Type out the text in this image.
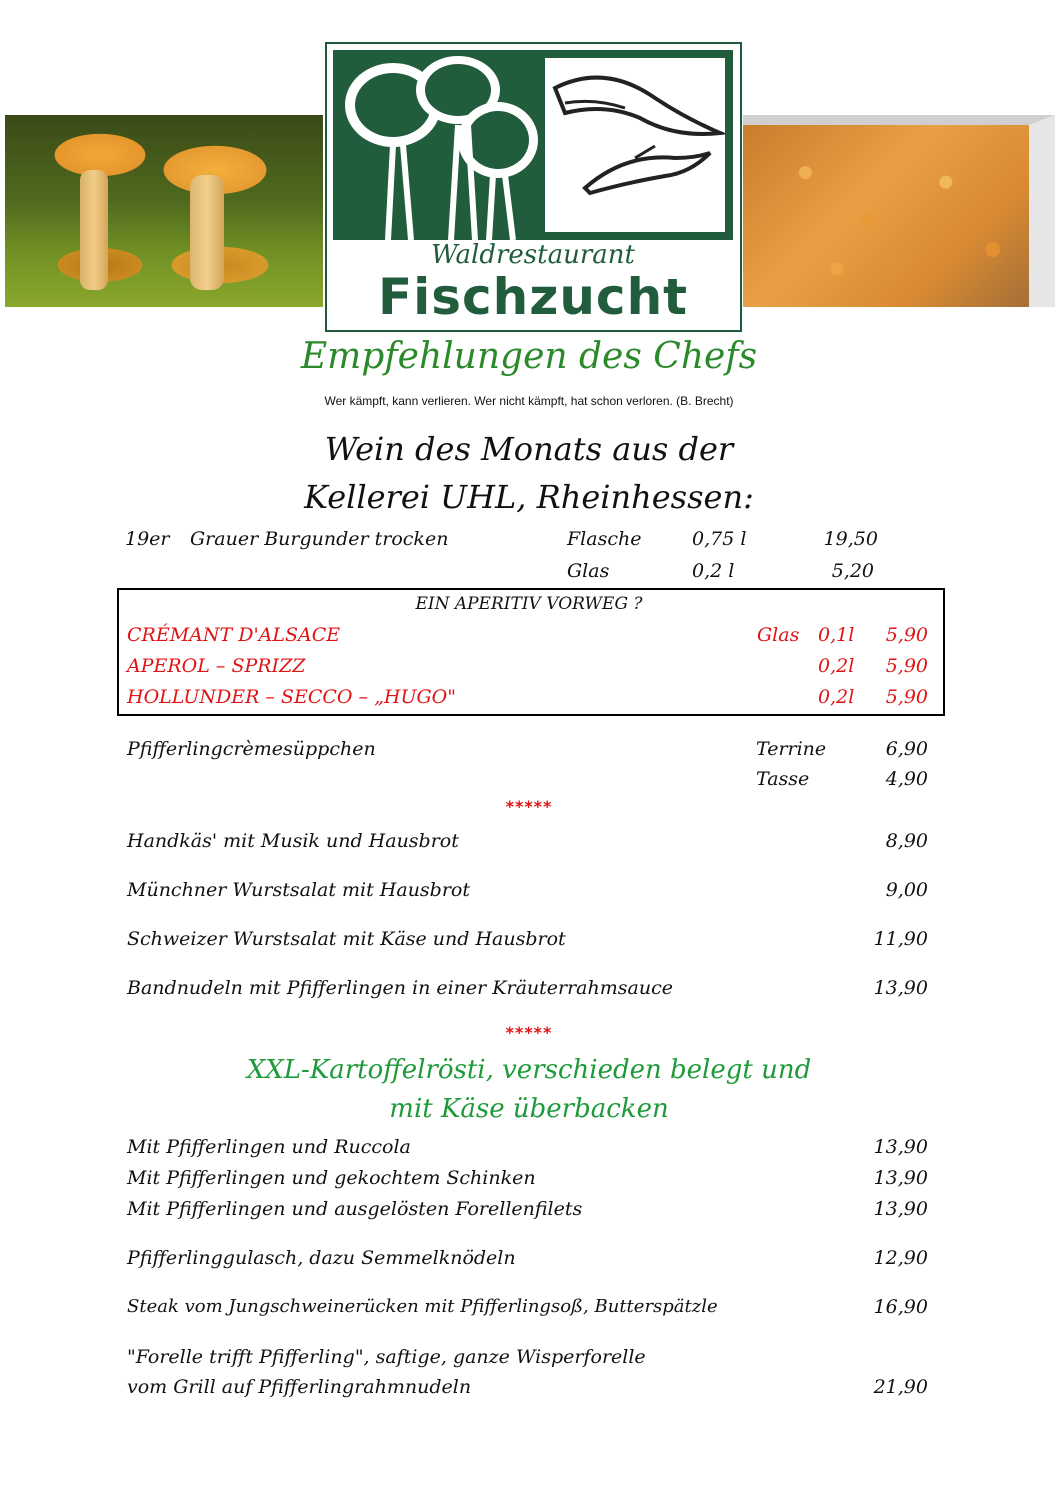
Waldrestaurant
Fischzucht
Empfehlungen des Chefs
Wer kämpft, kann verlieren. Wer nicht kämpft, hat schon verloren. (B. Brecht)
Wein des Monats aus der
Kellerei UHL, Rheinhessen:
19er Grauer Burgunder trocken	Flasche	0,75 l	19,50
Glas	0,2 l	5,20
EIN APERITIV VORWEG ?
CRÉMANT D'ALSACE	Glas 0,1l	5,90
APEROL – SPRIZZ	0,2l	5,90
HOLLUNDER – SECCO – „HUGO"	0,2l	5,90
Pfifferlingcrèmesüppchen	Terrine	6,90
Tasse	4,90
*****
Handkäs' mit Musik und Hausbrot	8,90
Münchner Wurstsalat mit Hausbrot	9,00
Schweizer Wurstsalat mit Käse und Hausbrot	11,90
Bandnudeln mit Pfifferlingen in einer Kräuterrahmsauce	13,90
*****
XXL-Kartoffelrösti, verschieden belegt und
mit Käse überbacken
Mit Pfifferlingen und Ruccola	13,90
Mit Pfifferlingen und gekochtem Schinken	13,90
Mit Pfifferlingen und ausgelösten Forellenfilets	13,90
Pfifferlinggulasch, dazu Semmelknödeln	12,90
Steak vom Jungschweinerücken mit Pfifferlingsoß, Butterspätzle	16,90
"Forelle trifft Pfifferling", saftige, ganze Wisperforelle
vom Grill auf Pfifferlingrahmnudeln	21,90
